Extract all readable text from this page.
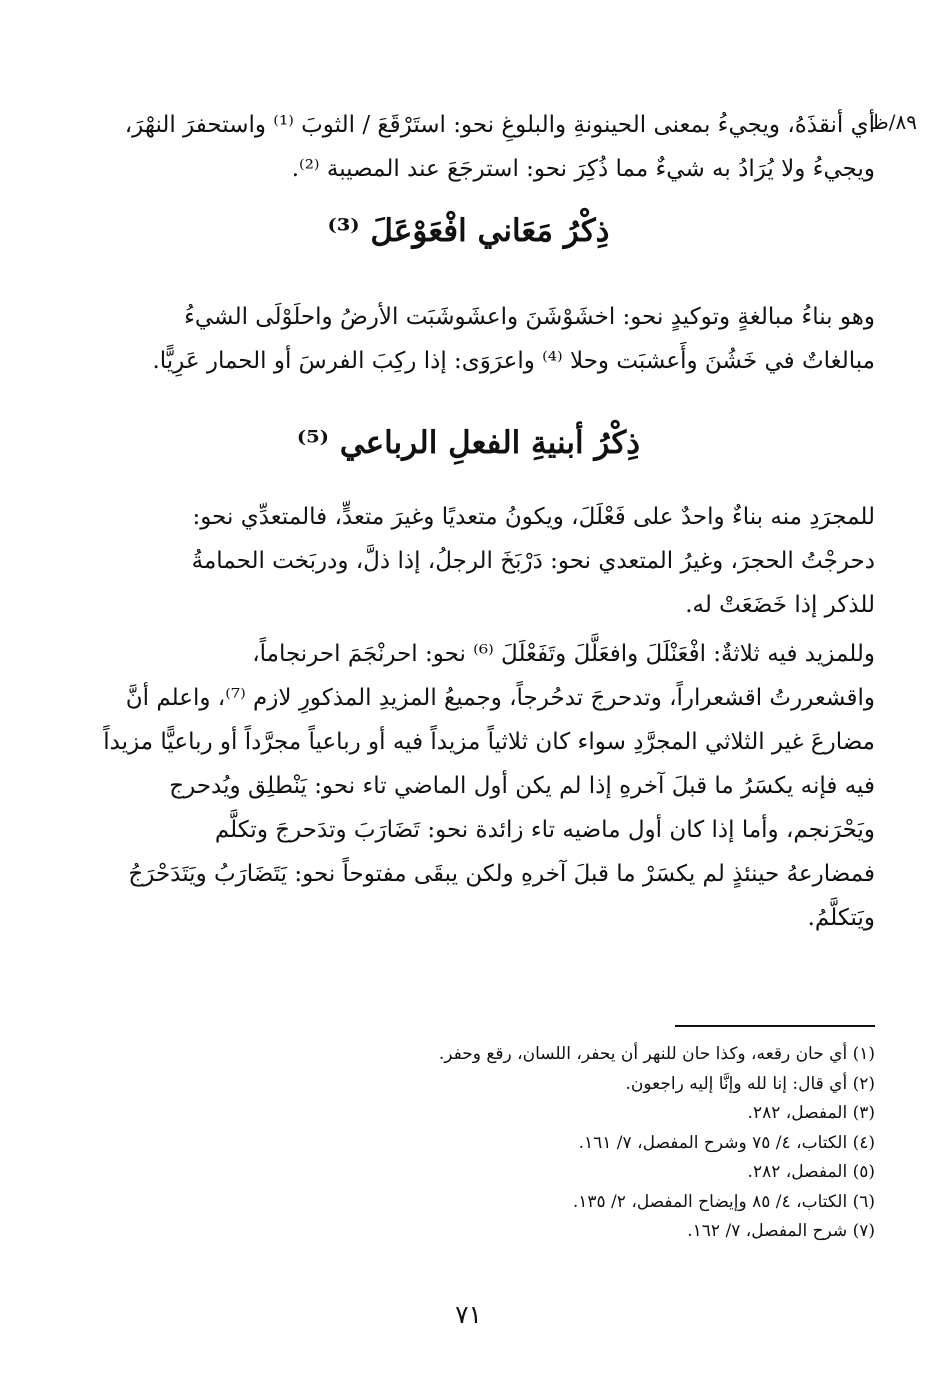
٨٩/ظ
أي أنقذَهُ، ويجيءُ بمعنى الحينونةِ والبلوغِ نحو: استَرْقَعَ / الثوبَ ⁽¹⁾ واستحفرَ النهْرَ،
ويجيءُ ولا يُرَادُ به شيءٌ مما ذُكِرَ نحو: استرجَعَ عند المصيبة ⁽²⁾.
ذِكْرُ مَعَاني افْعَوْعَلَ ⁽³⁾
وهو بناءُ مبالغةٍ وتوكيدٍ نحو: اخشَوْشَنَ واعشَوشَبَت الأرضُ واحلَوْلَى الشيءُ
مبالغاتٌ في خَشُنَ وأَعشبَت وحلا ⁽⁴⁾ واعرَوَى: إذا ركِبَ الفرسَ أو الحمار عَرِيًّا.
ذِكْرُ أبنيةِ الفعلِ الرباعي ⁽⁵⁾
للمجرَدِ منه بناءٌ واحدٌ على فَعْلَلَ، ويكونُ متعديًا وغيرَ متعدٍّ، فالمتعدِّي نحو:
دحرجْتُ الحجرَ، وغيرُ المتعدي نحو: دَرْبَخَ الرجلُ، إذا ذلَّ، ودربَخت الحمامةُ
للذكر إذا خَضَعَتْ له.
وللمزيد فيه ثلاثةٌ: افْعَنْلَلَ وافعَلَّلَ وتَفَعْلَلَ ⁽⁶⁾ نحو: احرنْجَمَ احرنجاماً،
واقشعررتُ اقشعراراً، وتدحرجَ تدحُرجاً، وجميعُ المزيدِ المذكورِ لازم ⁽⁷⁾، واعلم أنَّ
مضارعَ غير الثلاثي المجرَّدِ سواء كان ثلاثياً مزيداً فيه أو رباعياً مجرَّداً أو رباعيًّا مزيداً
فيه فإنه يكسَرُ ما قبلَ آخرهِ إذا لم يكن أول الماضي تاء نحو: يَنْطلِق ويُدحرج
ويَحْرَنجم، وأما إذا كان أول ماضيه تاء زائدة نحو: تَضَارَبَ وتدَحرجَ وتكلَّم
فمضارعهُ حينئذٍ لم يكسَرْ ما قبلَ آخرهِ ولكن يبقَى مفتوحاً نحو: يَتَضَارَبُ ويَتَدَحْرَجُ
ويَتكلَّمُ.
(١) أي حان رقعه، وكذا حان للنهر أن يحفر، اللسان، رقع وحفر.
(٢) أي قال: إنا لله وإنَّا إليه راجعون.
(٣) المفصل، ٢٨٢.
(٤) الكتاب، ٤/ ٧٥ وشرح المفصل، ٧/ ١٦١.
(٥) المفصل، ٢٨٢.
(٦) الكتاب، ٤/ ٨٥ وإيضاح المفصل، ٢/ ١٣٥.
(٧) شرح المفصل، ٧/ ١٦٢.
٧١
